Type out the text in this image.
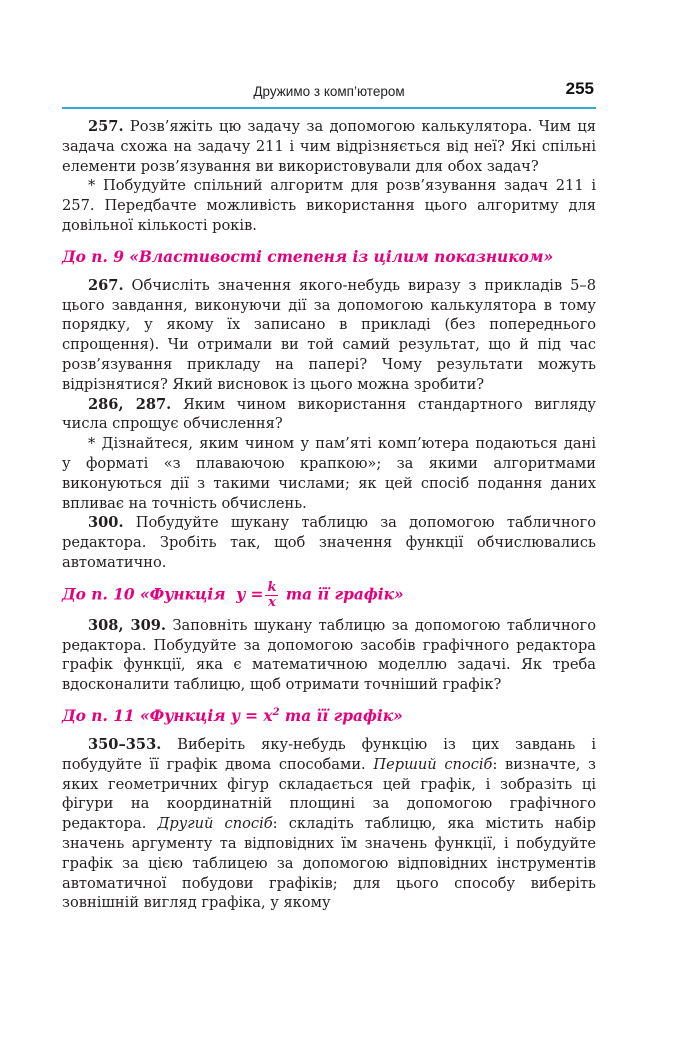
Дружимо з комп’ютером	255

257. Розв’яжіть цю задачу за допомогою калькулятора. Чим ця задача схожа на задачу 211 і чим відрізняється від неї? Які спільні елементи розв’язування ви використовували для обох задач?

* Побудуйте спільний алгоритм для розв’язування задач 211 і 257. Передбачте можливість використання цього алгоритму для довільної кількості років.

До п. 9 «Властивості степеня із цілим показником»

267. Обчисліть значення якого-небудь виразу з прикладів 5–8 цього завдання, виконуючи дії за допомогою калькулятора в тому порядку, у якому їх записано в прикладі (без попереднього спрощення). Чи отримали ви той самий результат, що й під час розв’язування прикладу на папері? Чому результати можуть відрізнятися? Який висновок із цього можна зробити?

286, 287. Яким чином використання стандартного вигляду числа спрощує обчислення?

* Дізнайтеся, яким чином у пам’яті комп’ютера подаються дані у форматі «з плаваючою крапкою»; за якими алгоритмами виконуються дії з такими числами; як цей спосіб подання даних впливає на точність обчислень.

300. Побудуйте шукану таблицю за допомогою табличного редактора. Зробіть так, щоб значення функції обчислювались автоматично.

До п. 10 «Функція $y = \frac{k}{x}$ та її графік»

308, 309. Заповніть шукану таблицю за допомогою табличного редактора. Побудуйте за допомогою засобів графічного редактора графік функції, яка є математичною моделлю задачі. Як треба вдосконалити таблицю, щоб отримати точніший графік?

До п. 11 «Функція $y = x^2$ та її графік»

350–353. Виберіть яку-небудь функцію із цих завдань і побудуйте її графік двома способами. Перший спосіб: визначте, з яких геометричних фігур складається цей графік, і зобразіть ці фігури на координатній площині за допомогою графічного редактора. Другий спосіб: складіть таблицю, яка містить набір значень аргументу та відповідних їм значень функції, і побудуйте графік за цією таблицею за допомогою відповідних інструментів автоматичної побудови графіків; для цього способу виберіть зовнішній вигляд графіка, у якому
